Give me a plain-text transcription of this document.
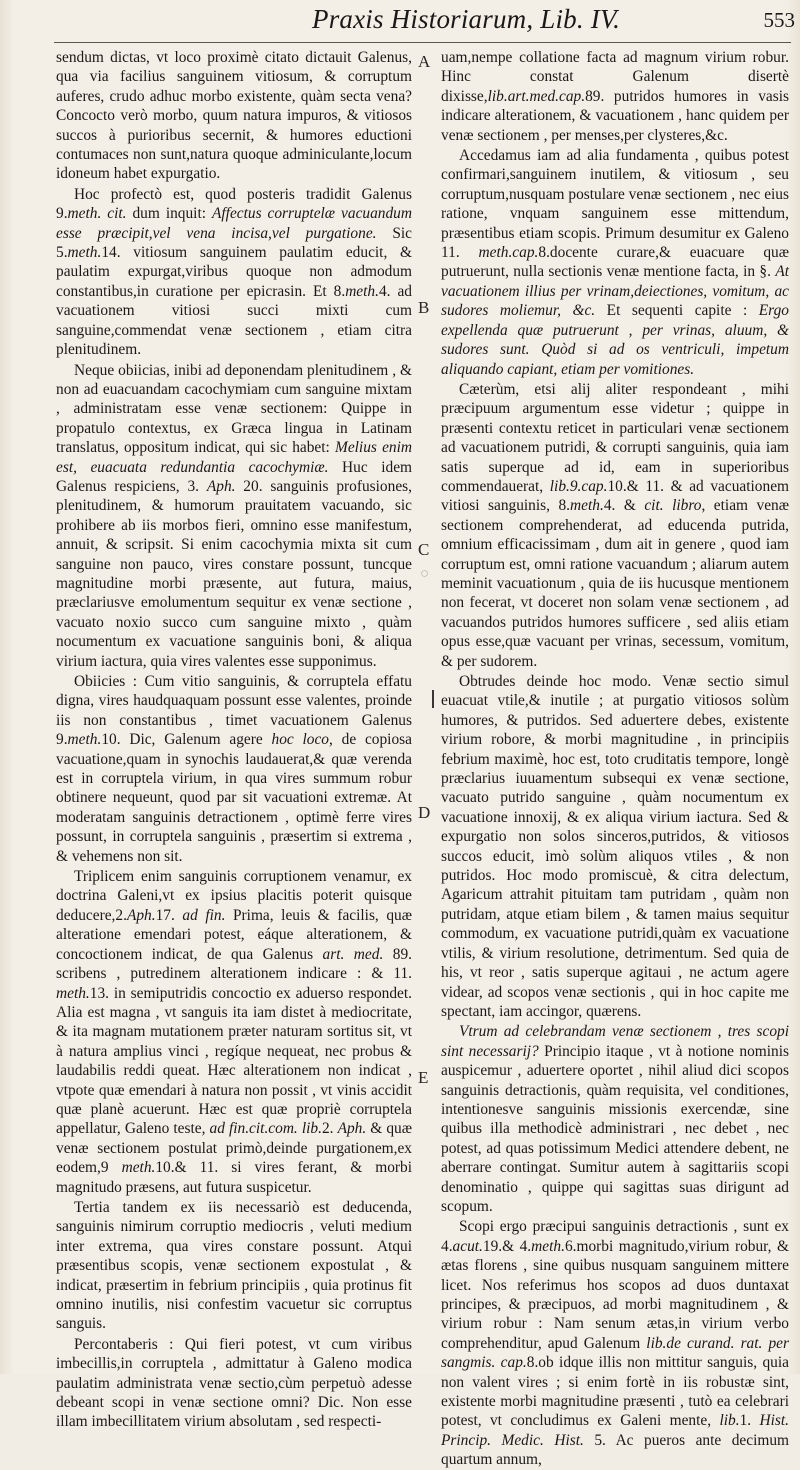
Praxis Historiarum, Lib. IV.	553

sendum dictas, vt loco proximè citato dictauit Galenus, qua via facilius sanguinem vitiosum, & corruptum auferes, crudo adhuc morbo existente, quàm secta vena? Concocto verò morbo, quum natura impuros, & vitiosos succos à purioribus secernit, & humores eductioni contumaces non sunt,natura quoque adminiculante,locum idoneum habet expurgatio.

Hoc profectò est, quod posteris tradidit Galenus 9.meth. cit. dum inquit: Affectus corruptelæ vacuandum esse præcipit,vel vena incisa,vel purgatione. Sic 5.meth.14. vitiosum sanguinem paulatim educit, & paulatim expurgat,viribus quoque non admodum constantibus,in curatione per epicrasin. Et 8.meth.4. ad vacuationem vitiosi succi mixti cum sanguine,commendat venæ sectionem , etiam citra plenitudinem.

Neque obiicias, inibi ad deponendam plenitudinem , & non ad euacuandam cacochymiam cum sanguine mixtam , administratam esse venæ sectionem: Quippe in propatulo contextus, ex Græca lingua in Latinam translatus, oppositum indicat, qui sic habet: Melius enim est, euacuata redundantia cacochymiæ. Huc idem Galenus respiciens, 3. Aph. 20. sanguinis profusiones, plenitudinem, & humorum prauitatem vacuando, sic prohibere ab iis morbos fieri, omnino esse manifestum, annuit, & scripsit. Si enim cacochymia mixta sit cum sanguine non pauco, vires constare possunt, tuncque magnitudine morbi præsente, aut futura, maius, præclariusve emolumentum sequitur ex venæ sectione , vacuato noxio succo cum sanguine mixto , quàm nocumentum ex vacuatione sanguinis boni, & aliqua virium iactura, quia vires valentes esse supponimus.

Obiicies : Cum vitio sanguinis, & corruptela effatu digna, vires haudquaquam possunt esse valentes, proinde iis non constantibus , timet vacuationem Galenus 9.meth.10. Dic, Galenum agere hoc loco, de copiosa vacuatione,quam in synochis laudauerat,& quæ verenda est in corruptela virium, in qua vires summum robur obtinere nequeunt, quod par sit vacuationi extremæ. At moderatam sanguinis detractionem , optimè ferre vires possunt, in corruptela sanguinis , præsertim si extrema , & vehemens non sit.

Triplicem enim sanguinis corruptionem venamur, ex doctrina Galeni,vt ex ipsius placitis poterit quisque deducere,2.Aph.17. ad fin. Prima, leuis & facilis, quæ alteratione emendari potest, eáque alterationem, & concoctionem indicat, de qua Galenus art. med. 89. scribens , putredinem alterationem indicare : & 11. meth.13. in semiputridis concoctio ex aduerso respondet. Alia est magna , vt sanguis ita iam distet à mediocritate, & ita magnam mutationem præter naturam sortitus sit, vt à natura amplius vinci , regíque nequeat, nec probus & laudabilis reddi queat. Hæc alterationem non indicat , vtpote quæ emendari à natura non possit , vt vinis accidit quæ planè acuerunt. Hæc est quæ propriè corruptela appellatur, Galeno teste, ad fin.cit.com. lib.2. Aph. & quæ venæ sectionem postulat primò,deinde purgationem,ex eodem,9 meth.10.& 11. si vires ferant, & morbi magnitudo præsens, aut futura suspicetur.

Tertia tandem ex iis necessariò est deducenda, sanguinis nimirum corruptio mediocris , veluti medium inter extrema, qua vires constare possunt. Atqui præsentibus scopis, venæ sectionem expostulat , & indicat, præsertim in febrium principiis , quia protinus fit omnino inutilis, nisi confestim vacuetur sic corruptus sanguis.

Percontaberis : Qui fieri potest, vt cum viribus imbecillis,in corruptela , admittatur à Galeno modica paulatim administrata venæ sectio,cùm perpetuò adesse debeant scopi in venæ sectione omni? Dic. Non esse illam imbecillitatem virium absolutam , sed respecti-

uam,nempe collatione facta ad magnum virium robur. Hinc constat Galenum disertè dixisse,lib.art.med.cap.89. putridos humores in vasis indicare alterationem, & vacuationem , hanc quidem per venæ sectionem , per menses,per clysteres,&c.

Accedamus iam ad alia fundamenta , quibus potest confirmari,sanguinem inutilem, & vitiosum , seu corruptum,nusquam postulare venæ sectionem , nec eius ratione, vnquam sanguinem esse mittendum, præsentibus etiam scopis. Primum desumitur ex Galeno 11. meth.cap.8.docente curare,& euacuare quæ putruerunt, nulla sectionis venæ mentione facta, in §. At vacuationem illius per vrinam,deiectiones, vomitum, ac sudores moliemur, &c. Et sequenti capite : Ergo expellenda quæ putruerunt , per vrinas, aluum, & sudores sunt. Quòd si ad os ventriculi, impetum aliquando capiant, etiam per vomitiones.

Cæterùm, etsi alij aliter respondeant , mihi præcipuum argumentum esse videtur ; quippe in præsenti contextu reticet in particulari venæ sectionem ad vacuationem putridi, & corrupti sanguinis, quia iam satis superque ad id, eam in superioribus commendauerat, lib.9.cap.10.& 11. & ad vacuationem vitiosi sanguinis, 8.meth.4. & cit. libro, etiam venæ sectionem comprehenderat, ad educenda putrida, omnium efficacissimam , dum ait in genere , quod iam corruptum est, omni ratione vacuandum ; aliarum autem meminit vacuationum , quia de iis hucusque mentionem non fecerat, vt doceret non solam venæ sectionem , ad vacuandos putridos humores sufficere , sed aliis etiam opus esse,quæ vacuant per vrinas, secessum, vomitum, & per sudorem.

Obtrudes deinde hoc modo. Venæ sectio simul euacuat vtile,& inutile ; at purgatio vitiosos solùm humores, & putridos. Sed aduertere debes, existente virium robore, & morbi magnitudine , in principiis febrium maximè, hoc est, toto cruditatis tempore, longè præclarius iuuamentum subsequi ex venæ sectione, vacuato putrido sanguine , quàm nocumentum ex vacuatione innoxij, & ex aliqua virium iactura. Sed & expurgatio non solos sinceros,putridos, & vitiosos succos educit, imò solùm aliquos vtiles , & non putridos. Hoc modo promiscuè, & citra delectum, Agaricum attrahit pituitam tam putridam , quàm non putridam, atque etiam bilem , & tamen maius sequitur commodum, ex vacuatione putridi,quàm ex vacuatione vtilis, & virium resolutione, detrimentum. Sed quia de his, vt reor , satis superque agitaui , ne actum agere videar, ad scopos venæ sectionis , qui in hoc capite me spectant, iam accingor, quærens.

Vtrum ad celebrandam venæ sectionem , tres scopi sint necessarij? Principio itaque , vt à notione nominis auspicemur , aduertere oportet , nihil aliud dici scopos sanguinis detractionis, quàm requisita, vel conditiones, intentionesve sanguinis missionis exercendæ, sine quibus illa methodicè administrari , nec debet , nec potest, ad quas potissimum Medici attendere debent, ne aberrare contingat. Sumitur autem à sagittariis scopi denominatio , quippe qui sagittas suas dirigunt ad scopum.

Scopi ergo præcipui sanguinis detractionis , sunt ex 4.acut.19.& 4.meth.6.morbi magnitudo,virium robur, & ætas florens , sine quibus nusquam sanguinem mittere licet. Nos referimus hos scopos ad duos duntaxat principes, & præcipuos, ad morbi magnitudinem , & virium robur : Nam senum ætas,in virium verbo comprehenditur, apud Galenum lib.de curand. rat. per sangmis. cap.8.ob idque illis non mittitur sanguis, quia non valent vires ; si enim fortè in iis robustæ sint, existente morbi magnitudine præsenti , tutò ea celebrari potest, vt concludimus ex Galeni mente, lib.1. Hist. Princip. Medic. Hist. 5. Ac pueros ante decimum quartum annum,

A
B
C
D
E
○
